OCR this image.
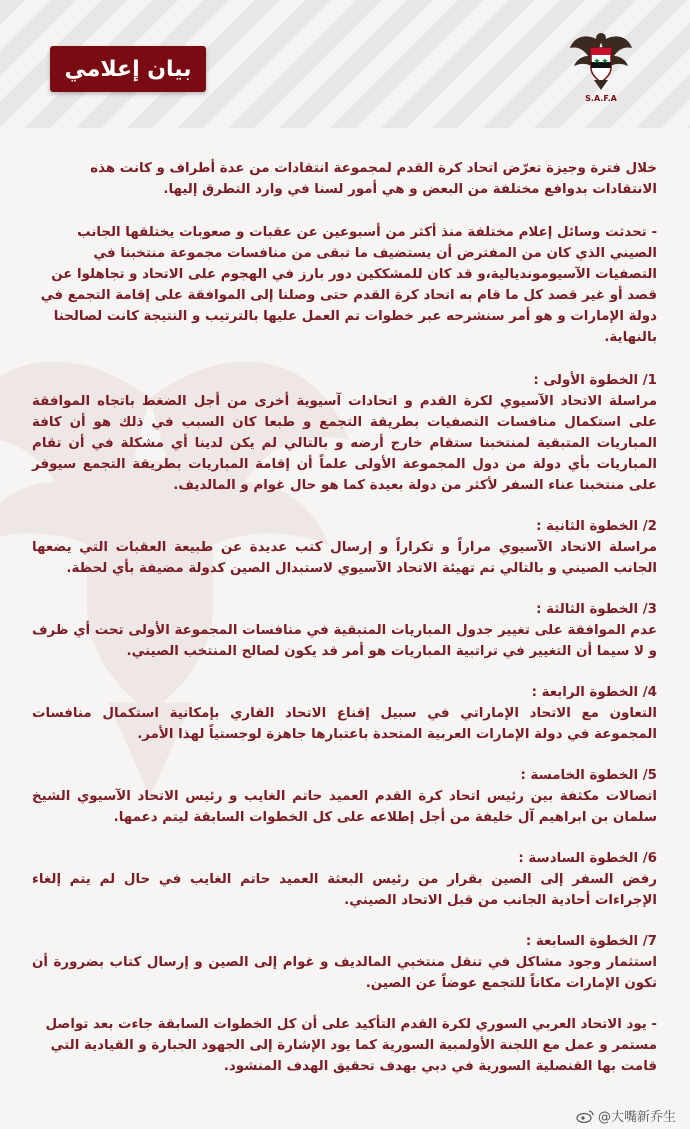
بيان إعلامي
S.A.F.A

خلال فترة وجيزة تعرّض اتحاد كرة القدم لمجموعة انتقادات من عدة أطراف و كانت هذه الانتقادات بدوافع مختلفة من البعض و هي أمور لسنا في وارد التطرق إليها.

- تحدثت وسائل إعلام مختلفة منذ أكثر من أسبوعين عن عقبات و صعوبات يختلقها الجانب الصيني الذي كان من المفترض أن يستضيف ما تبقى من منافسات مجموعة منتخبنا في التصفيات الآسيومونديالية،و قد كان للمشككين دور بارز في الهجوم على الاتحاد و تجاهلوا عن قصد أو غير قصد كل ما قام به اتحاد كرة القدم حتى وصلنا إلى الموافقة على إقامة التجمع في دولة الإمارات و هو أمر سنشرحه عبر خطوات تم العمل عليها بالترتيب و النتيجة كانت لصالحنا بالنهاية.

1/ الخطوة الأولى :

مراسلة الاتحاد الآسيوي لكرة القدم و اتحادات آسيوية أخرى من أجل الضغط باتجاه الموافقة على استكمال منافسات التصفيات بطريقة التجمع و طبعا كان السبب في ذلك هو أن كافة المباريات المتبقية لمنتخبنا ستقام خارج أرضه و بالتالي لم يكن لدينا أي مشكلة في أن تقام المباريات بأي دولة من دول المجموعة الأولى علماً أن إقامة المباريات بطريقة التجمع سيوفر على منتخبنا عناء السفر لأكثر من دولة بعيدة كما هو حال غوام و المالديف.

2/ الخطوة الثانية :

مراسلة الاتحاد الآسيوي مراراً و تكراراً و إرسال كتب عديدة عن طبيعة العقبات التي يضعها الجانب الصيني و بالتالي تم تهيئة الاتحاد الآسيوي لاستبدال الصين كدولة مضيفة بأي لحظة.

3/ الخطوة الثالثة :

عدم الموافقة على تغيير جدول المباريات المتبقية في منافسات المجموعة الأولى تحت أي ظرف و لا سيما أن التغيير في تراتبية المباريات هو أمر قد يكون لصالح المنتخب الصيني.

4/ الخطوة الرابعة :

التعاون مع الاتحاد الإماراتي في سبيل إقناع الاتحاد القاري بإمكانية استكمال منافسات المجموعة في دولة الإمارات العربية المتحدة باعتبارها جاهزة لوجستياً لهذا الأمر.

5/ الخطوة الخامسة :

اتصالات مكثفة بين رئيس اتحاد كرة القدم العميد حاتم الغايب و رئيس الاتحاد الآسيوي الشيخ سلمان بن ابراهيم آل خليفة من أجل إطلاعه على كل الخطوات السابقة ليتم دعمها.

6/ الخطوة السادسة :

رفض السفر إلى الصين بقرار من رئيس البعثة العميد حاتم الغايب في حال لم يتم إلغاء الإجراءات أحادية الجانب من قبل الاتحاد الصيني.

7/ الخطوة السابعة :

استثمار وجود مشاكل في تنقل منتخبي المالديف و غوام إلى الصين و إرسال كتاب بضرورة أن تكون الإمارات مكاناً للتجمع عوضاً عن الصين.

- يود الاتحاد العربي السوري لكرة القدم التأكيد على أن كل الخطوات السابقة جاءت بعد تواصل مستمر و عمل مع اللجنة الأولمبية السورية كما يود الإشارة إلى الجهود الجبارة و القيادية التي قامت بها القنصلية السورية في دبي بهدف تحقيق الهدف المنشود.

@大嘴新乔生
